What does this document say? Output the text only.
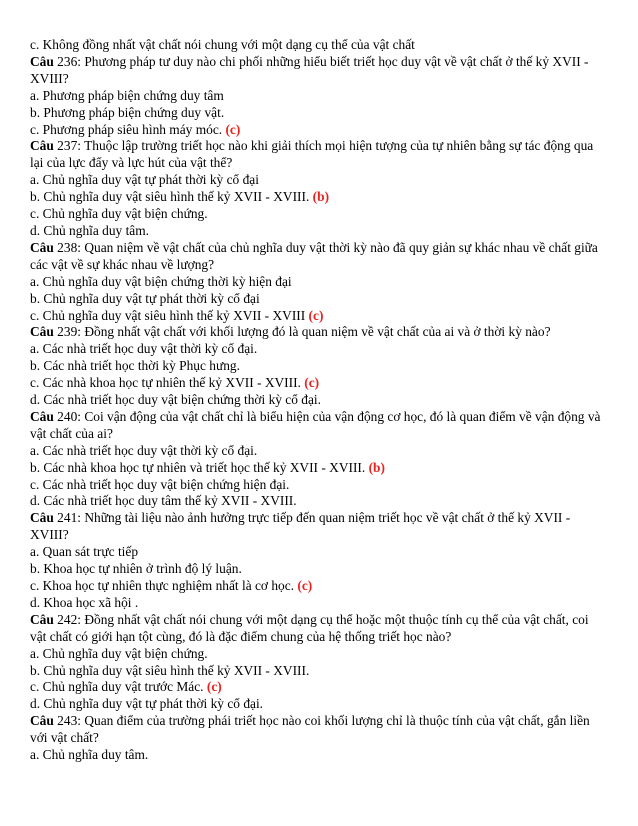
c. Không đồng nhất vật chất nói chung với một dạng cụ thể của vật chất
Câu 236: Phương pháp tư duy nào chi phối những hiểu biết triết học duy vật về vật chất ở thế kỷ XVII - XVIII?
a. Phương pháp biện chứng duy tâm
b. Phương pháp biện chứng duy vật.
c. Phương pháp siêu hình máy móc. (c)
Câu 237: Thuộc lập trường triết học nào khi giải thích mọi hiện tượng của tự nhiên bằng sự tác động qua lại của lực đẩy và lực hút của vật thể?
a. Chủ nghĩa duy vật tự phát thời kỳ cổ đại
b. Chủ nghĩa duy vật siêu hình thế kỷ XVII - XVIII. (b)
c. Chủ nghĩa duy vật biện chứng.
d. Chủ nghĩa duy tâm.
Câu 238: Quan niệm về vật chất của chủ nghĩa duy vật thời kỳ nào đã quy giản sự khác nhau về chất giữa các vật về sự khác nhau về lượng?
a. Chủ nghĩa duy vật biện chứng thời kỳ hiện đại
b. Chủ nghĩa duy vật tự phát thời kỳ cổ đại
c. Chủ nghĩa duy vật siêu hình thế kỷ XVII - XVIII (c)
Câu 239: Đồng nhất vật chất với khối lượng đó là quan niệm về vật chất của ai và ở thời kỳ nào?
a. Các nhà triết học duy vật thời kỳ cổ đại.
b. Các nhà triết học thời kỳ Phục hưng.
c. Các nhà khoa học tự nhiên thế kỷ XVII - XVIII. (c)
d. Các nhà triết học duy vật biện chứng thời kỳ cổ đại.
Câu 240: Coi vận động của vật chất chỉ là biểu hiện của vận động cơ học, đó là quan điểm về vận động và vật chất của ai?
a. Các nhà triết học duy vật thời kỳ cổ đại.
b. Các nhà khoa học tự nhiên và triết học thế kỷ XVII - XVIII. (b)
c. Các nhà triết học duy vật biện chứng hiện đại.
d. Các nhà triết học duy tâm thế kỷ XVII - XVIII.
Câu 241: Những tài liệu nào ảnh hưởng trực tiếp đến quan niệm triết học về vật chất ở thế kỷ XVII - XVIII?
a. Quan sát trực tiếp
b. Khoa học tự nhiên ở trình độ lý luận.
c. Khoa học tự nhiên thực nghiệm nhất là cơ học. (c)
d. Khoa học xã hội .
Câu 242: Đồng nhất vật chất nói chung với một dạng cụ thể hoặc một thuộc tính cụ thể của vật chất, coi vật chất có giới hạn tột cùng, đó là đặc điểm chung của hệ thống triết học nào?
a. Chủ nghĩa duy vật biện chứng.
b. Chủ nghĩa duy vật siêu hình thế kỷ XVII - XVIII.
c. Chủ nghĩa duy vật trước Mác. (c)
d. Chủ nghĩa duy vật tự phát thời kỳ cổ đại.
Câu 243: Quan điểm của trường phái triết học nào coi khối lượng chỉ là thuộc tính của vật chất, gắn liền với vật chất?
a. Chủ nghĩa duy tâm.
